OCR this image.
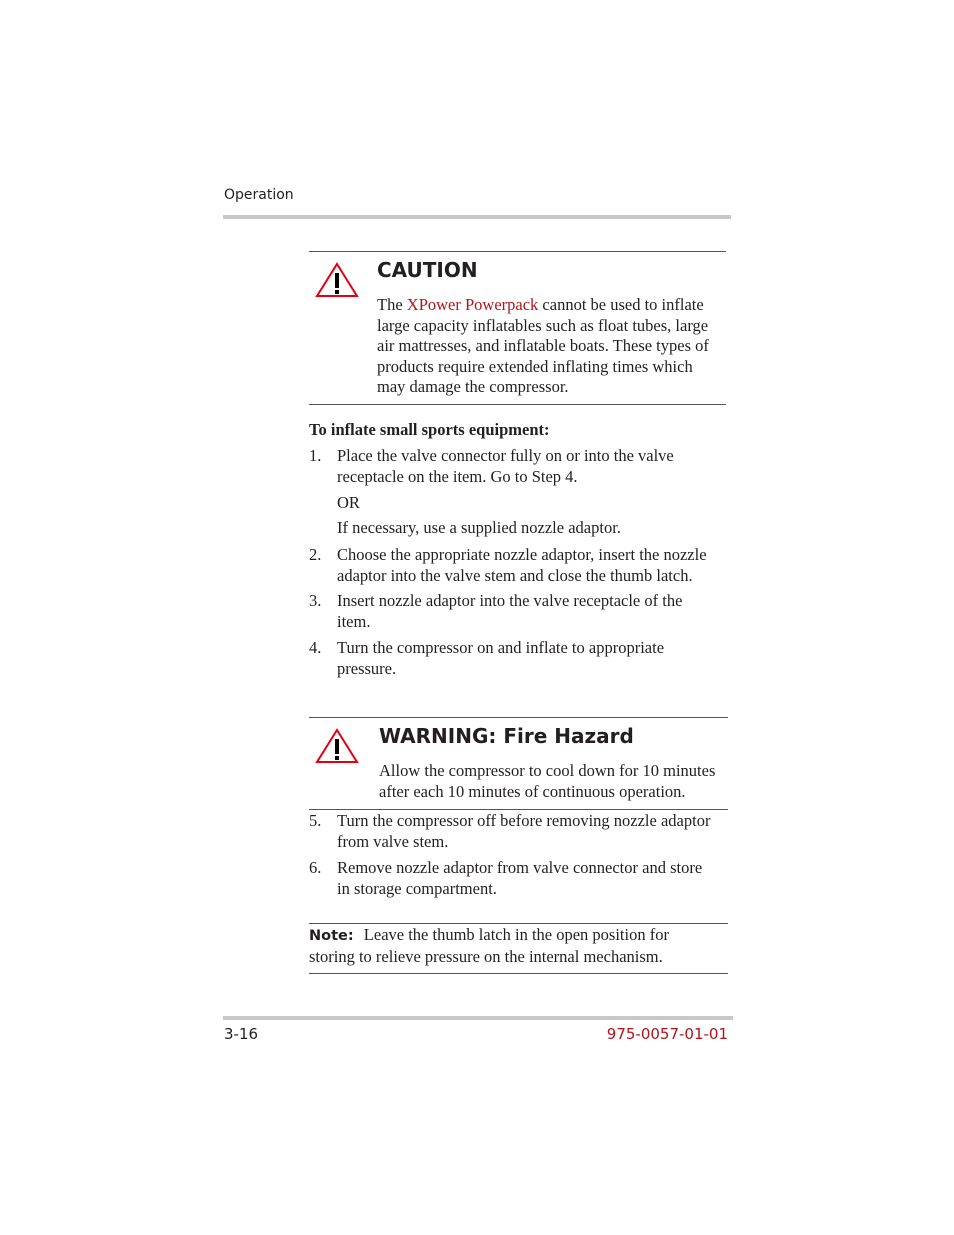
Operation
CAUTION
The XPower Powerpack cannot be used to inflate
large capacity inflatables such as float tubes, large
air mattresses, and inflatable boats. These types of
products require extended inflating times which
may damage the compressor.
To inflate small sports equipment:
1. Place the valve connector fully on or into the valve
receptacle on the item. Go to Step 4.
OR
If necessary, use a supplied nozzle adaptor.
2. Choose the appropriate nozzle adaptor, insert the nozzle
adaptor into the valve stem and close the thumb latch.
3. Insert nozzle adaptor into the valve receptacle of the
item.
4. Turn the compressor on and inflate to appropriate
pressure.
WARNING: Fire Hazard
Allow the compressor to cool down for 10 minutes
after each 10 minutes of continuous operation.
5. Turn the compressor off before removing nozzle adaptor
from valve stem.
6. Remove nozzle adaptor from valve connector and store
in storage compartment.
Note: Leave the thumb latch in the open position for
storing to relieve pressure on the internal mechanism.
3-16	975-0057-01-01
